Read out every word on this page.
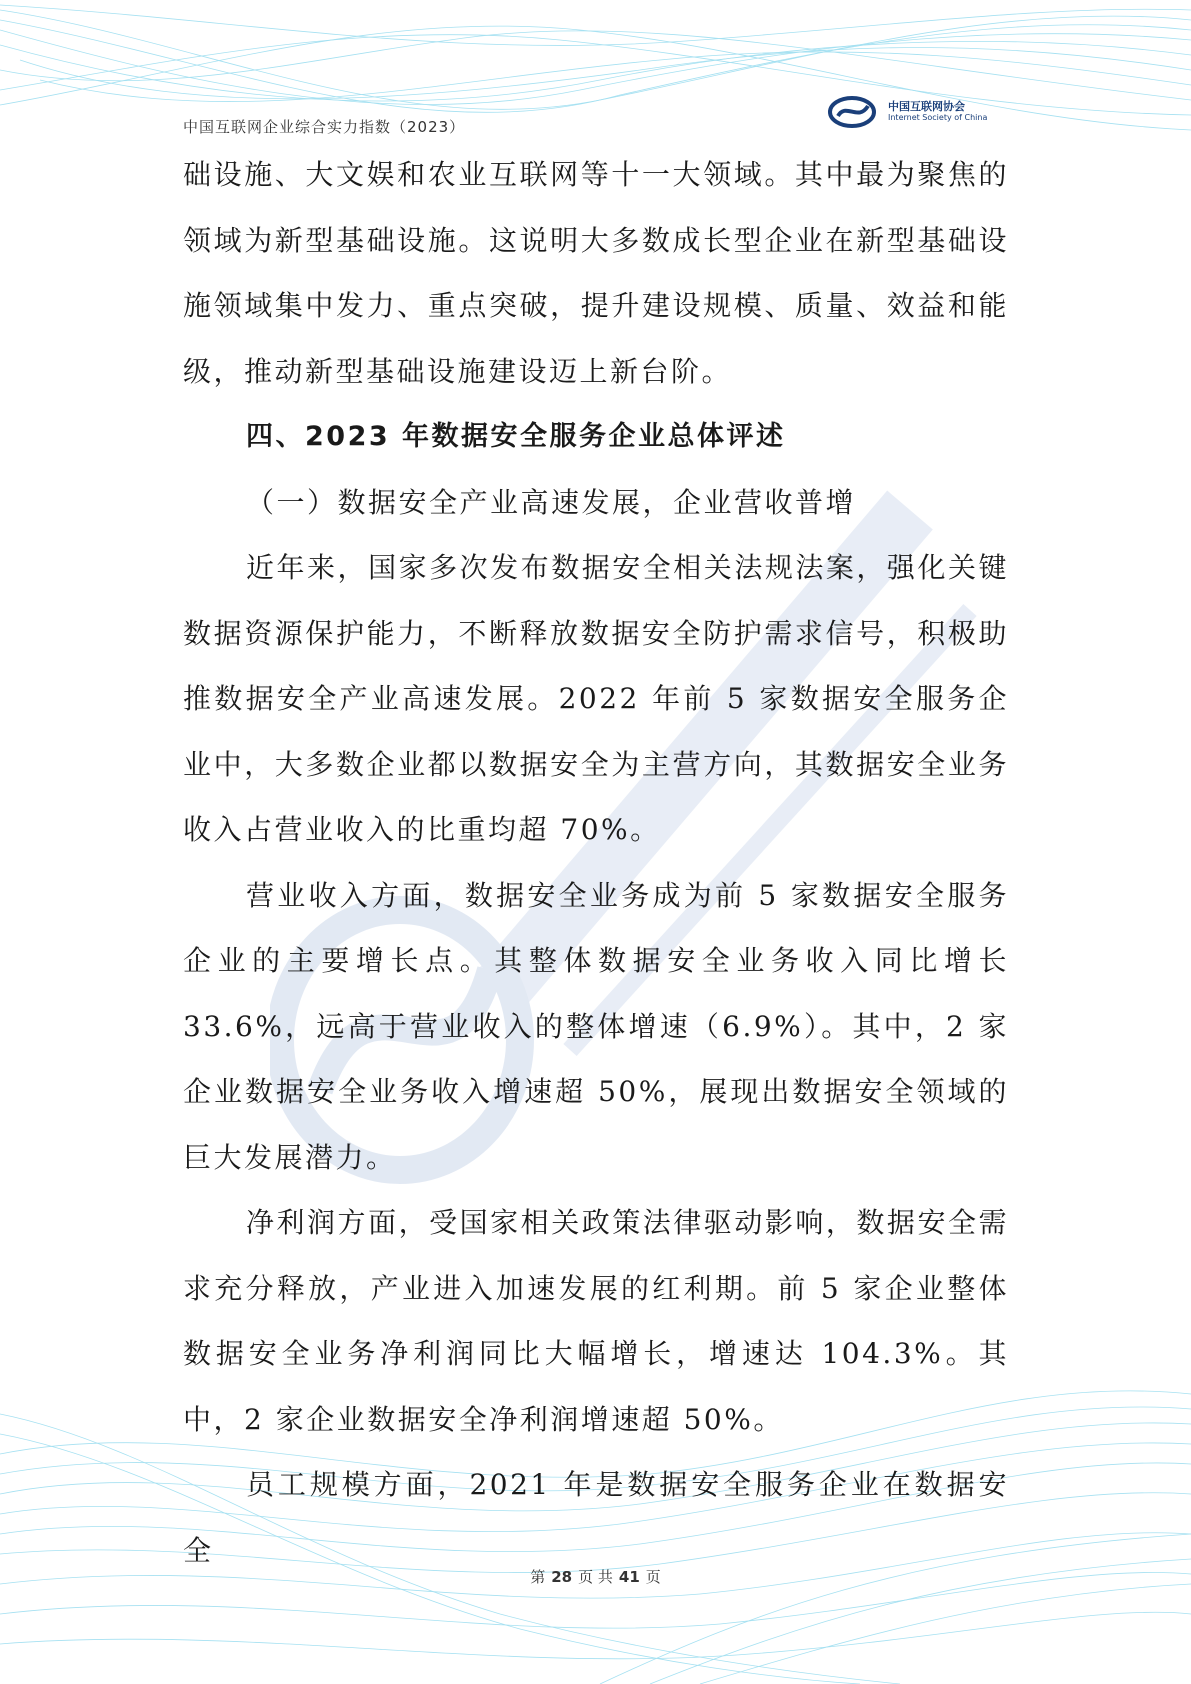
中国互联网企业综合实力指数（2023）
中国互联网协会
Internet Society of China

础设施、大文娱和农业互联网等十一大领域。其中最为聚焦的领域为新型基础设施。这说明大多数成长型企业在新型基础设施领域集中发力、重点突破，提升建设规模、质量、效益和能级，推动新型基础设施建设迈上新台阶。

四、2023 年数据安全服务企业总体评述

（一）数据安全产业高速发展，企业营收普增

近年来，国家多次发布数据安全相关法规法案，强化关键数据资源保护能力，不断释放数据安全防护需求信号，积极助推数据安全产业高速发展。2022 年前 5 家数据安全服务企业中，大多数企业都以数据安全为主营方向，其数据安全业务收入占营业收入的比重均超 70%。

营业收入方面，数据安全业务成为前 5 家数据安全服务企业的主要增长点。其整体数据安全业务收入同比增长33.6%，远高于营业收入的整体增速（6.9%）。其中，2 家企业数据安全业务收入增速超 50%，展现出数据安全领域的巨大发展潜力。

净利润方面，受国家相关政策法律驱动影响，数据安全需求充分释放，产业进入加速发展的红利期。前 5 家企业整体数据安全业务净利润同比大幅增长，增速达 104.3%。其中，2 家企业数据安全净利润增速超 50%。

员工规模方面，2021 年是数据安全服务企业在数据安全

第 28 页 共 41 页
